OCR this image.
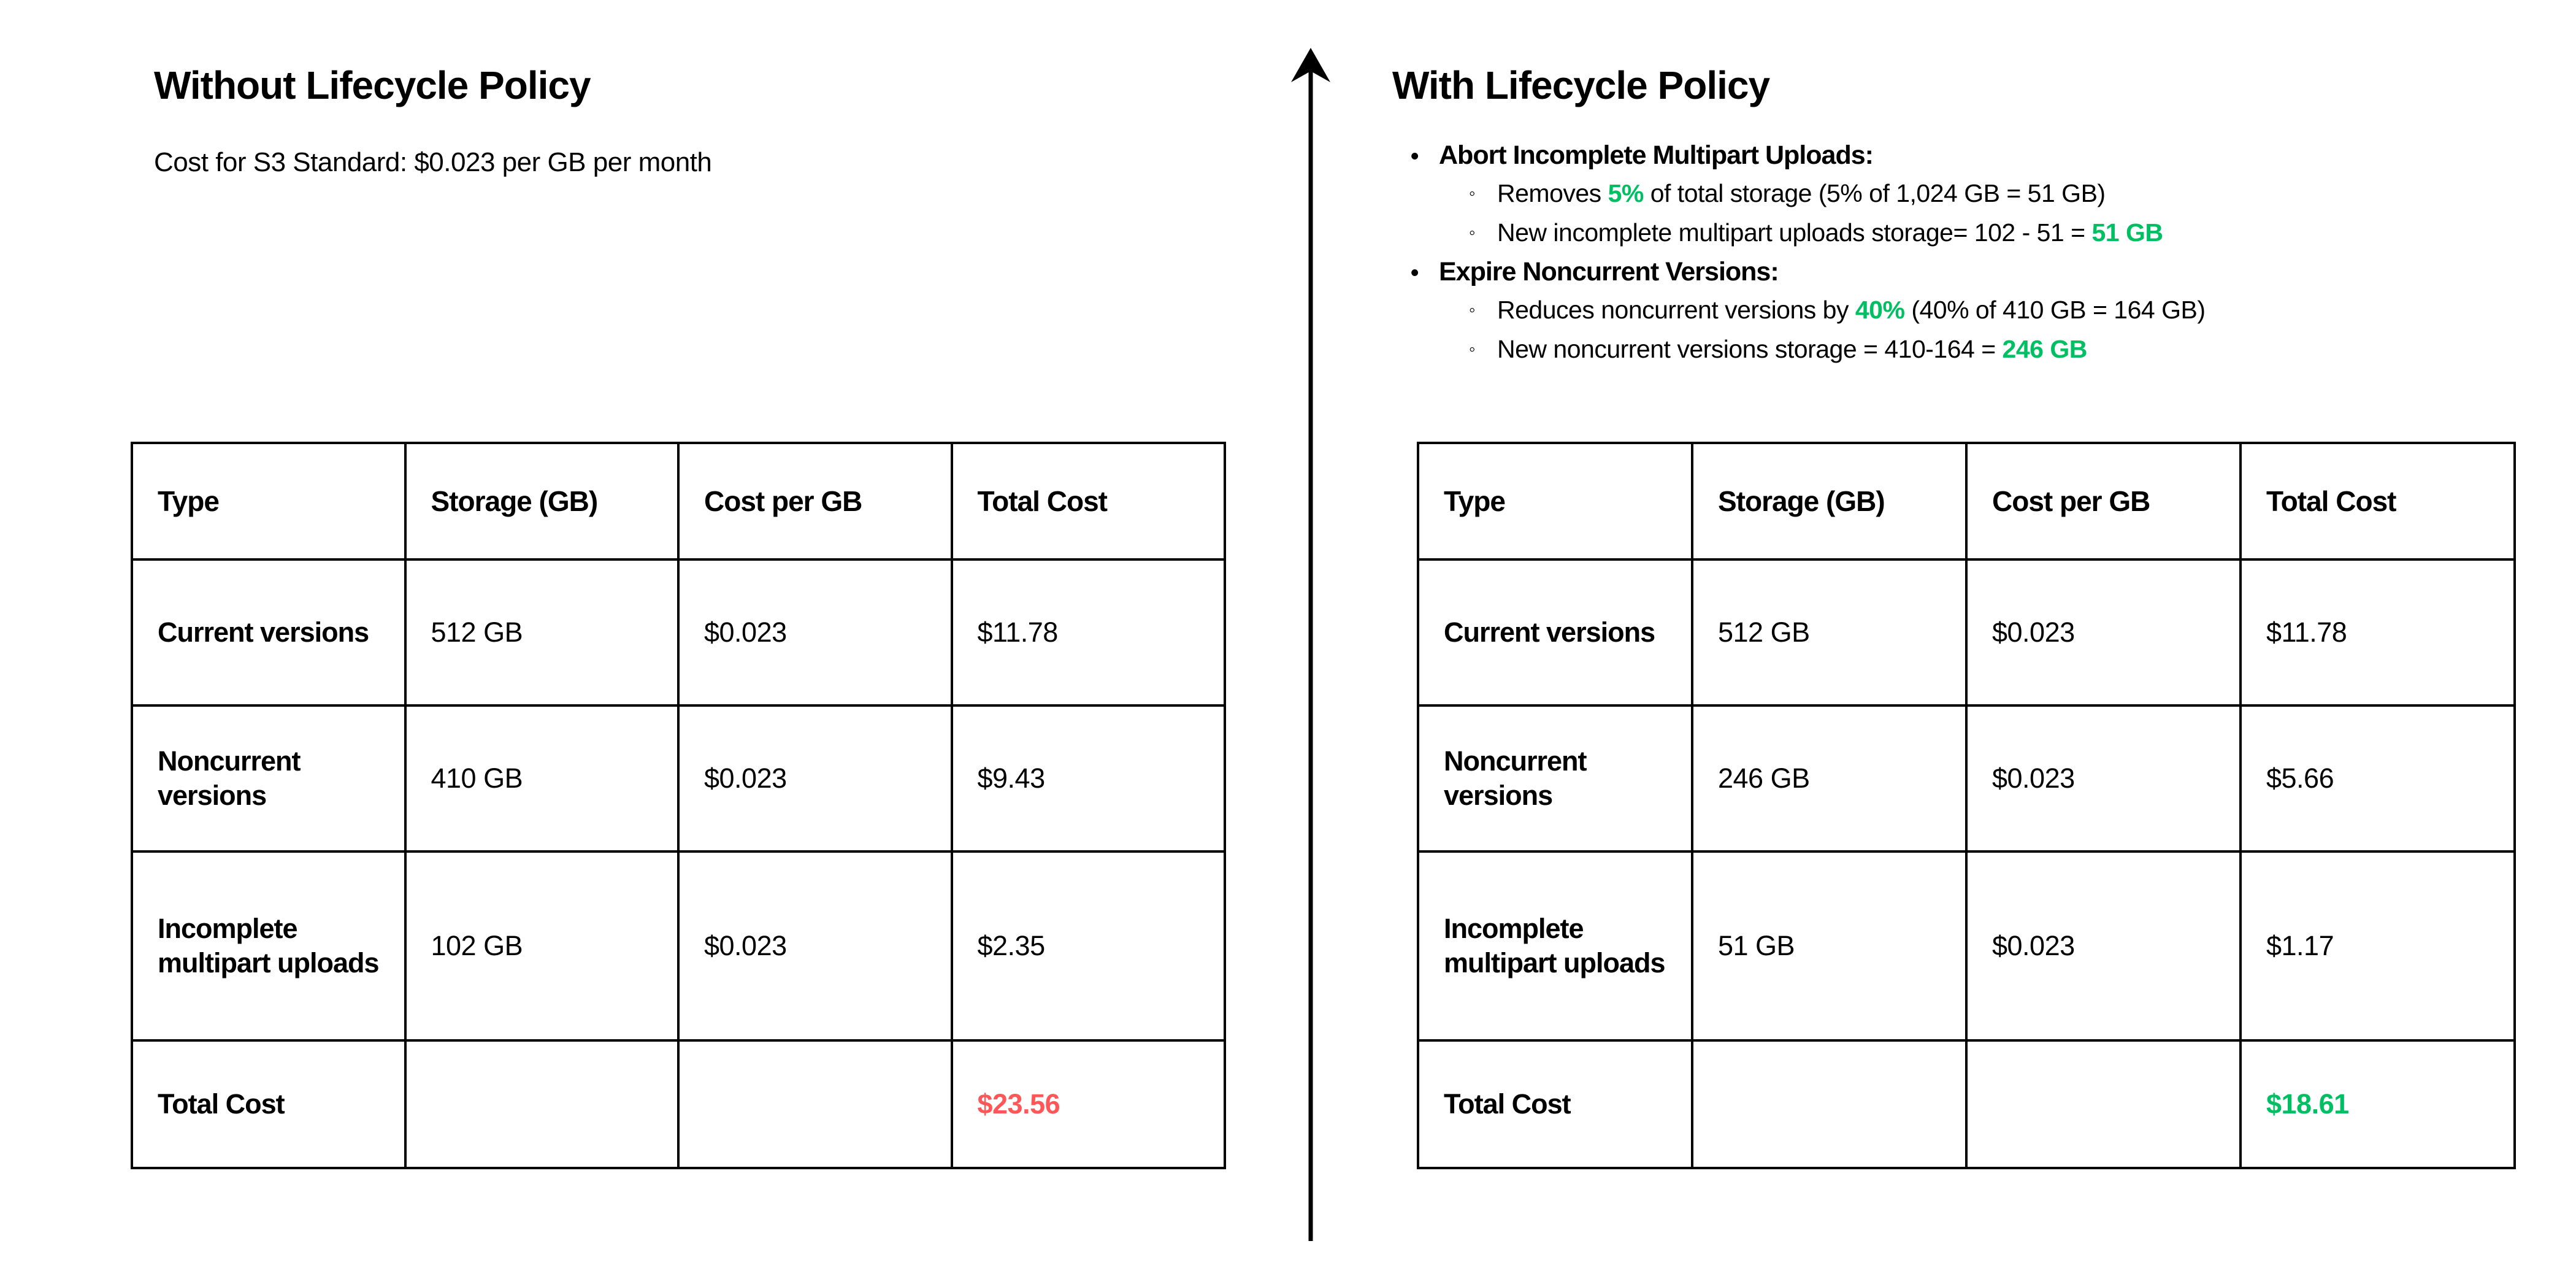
Without Lifecycle Policy

Cost for S3 Standard: $0.023 per GB per month

Type	Storage (GB)	Cost per GB	Total Cost
Current versions	512 GB	$0.023	$11.78
Noncurrent versions	410 GB	$0.023	$9.43
Incomplete multipart uploads	102 GB	$0.023	$2.35
Total Cost			$23.56
With Lifecycle Policy
• Abort Incomplete Multipart Uploads:
◦ Removes 5% of total storage (5% of 1,024 GB = 51 GB)
◦ New incomplete multipart uploads storage= 102 - 51 = 51 GB
• Expire Noncurrent Versions:
◦ Reduces noncurrent versions by 40% (40% of 410 GB = 164 GB)
◦ New noncurrent versions storage = 410-164 = 246 GB
Type	Storage (GB)	Cost per GB	Total Cost
Current versions	512 GB	$0.023	$11.78
Noncurrent versions	246 GB	$0.023	$5.66
Incomplete multipart uploads	51 GB	$0.023	$1.17
Total Cost			$18.61
